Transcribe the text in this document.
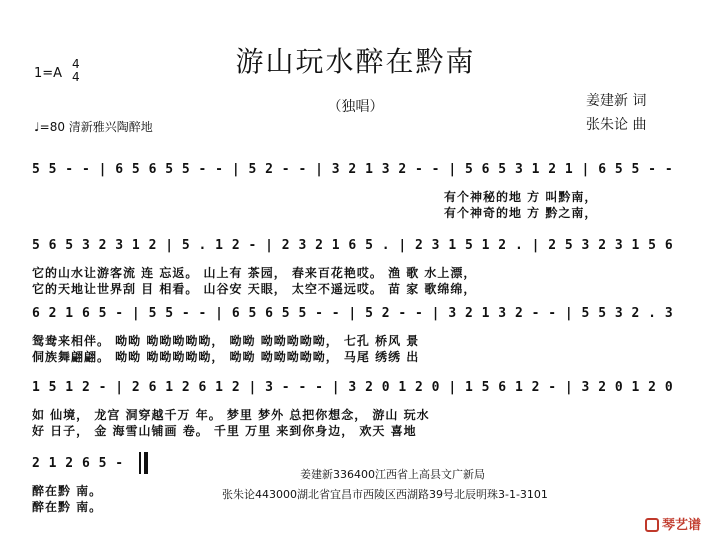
游山玩水醉在黔南
（独唱）
1=A
4
4
♩=80 清新雅兴陶醉地
姜建新 词
张朱论 曲
5 5 - - | 6 5 6 5 5 - - | 5 2 - - | 3 2 1 3 2 - - | 5 6 5 3 1 2 1 | 6 5 5 - -
有个神秘的地 方 叫黔南，
有个神奇的地 方 黔之南，
5 6 5 3 2 3 1 2 | 5 . 1 2 - | 2 3 2 1 6 5 . | 2 3 1 5 1 2 . | 2 5 3 2 3 1 5 6
它的山水让游客流 连 忘返。 山上有 茶园， 春来百花艳哎。 渔 歌 水上漂，
它的天地让世界刮 目 相看。 山谷安 天眼， 太空不遥远哎。 苗 家 歌绵绵，
6 2 1 6 5 - | 5 5 - - | 6 5 6 5 5 - - | 5 2 - - | 3 2 1 3 2 - - | 5 5 3 2 . 3
鸳鸯来相伴。 呦呦 呦呦呦呦呦， 呦呦 呦呦呦呦呦， 七孔 桥风 景
侗族舞翩翩。 呦呦 呦呦呦呦呦， 呦呦 呦呦呦呦呦， 马尾 绣绣 出
1 5 1 2 - | 2 6 1 2 6 1 2 | 3 - - - | 3 2 0 1 2 0 | 1 5 6 1 2 - | 3 2 0 1 2 0
如 仙境， 龙宫 洞穿越千万 年。 梦里 梦外 总把你想念， 游山 玩水
好 日子， 金 海雪山铺画 卷。 千里 万里 来到你身边， 欢天 喜地
2 1 2 6 5 -
醉在黔 南。
醉在黔 南。
姜建新336400江西省上高县文广新局
张朱论443000湖北省宜昌市西陵区西湖路39号北辰明珠3-1-3101
琴艺谱
